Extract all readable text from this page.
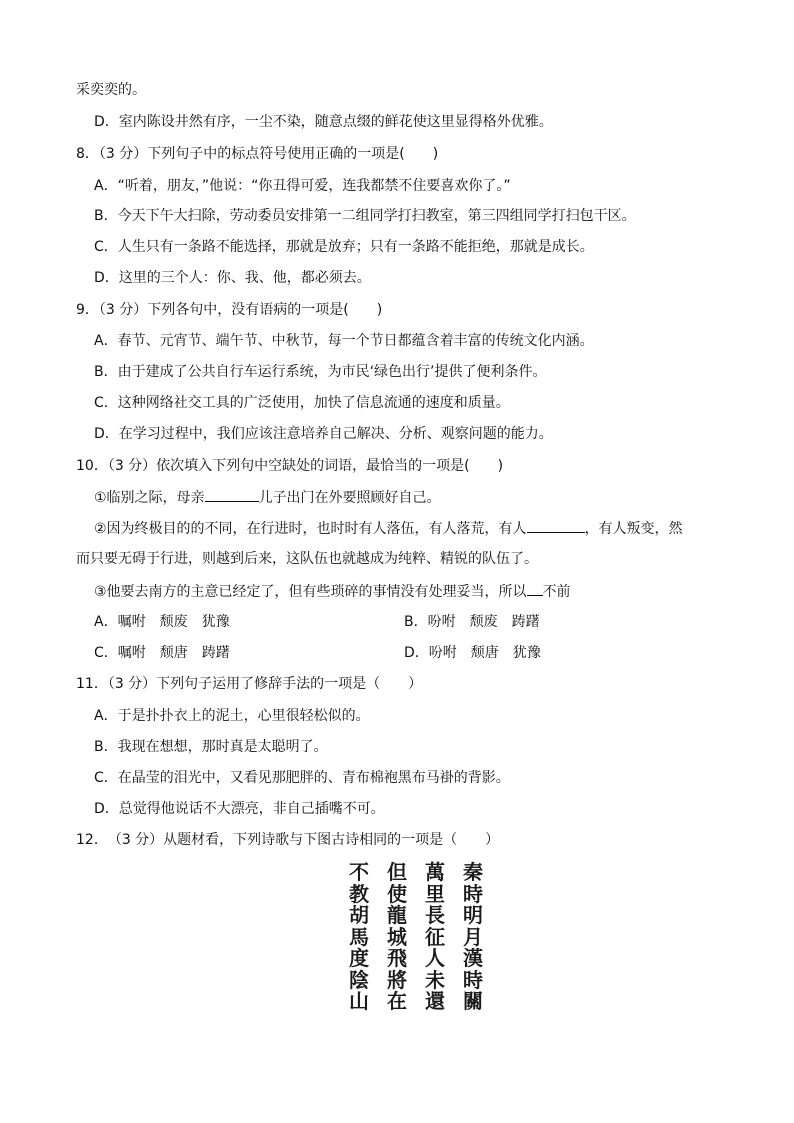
采奕奕的。
D．室内陈设井然有序，一尘不染，随意点缀的鲜花使这里显得格外优雅。
8．（3 分）下列句子中的标点符号使用正确的一项是(　　)
A．“听着，朋友，”他说：“你丑得可爱，连我都禁不住要喜欢你了。”
B．今天下午大扫除，劳动委员安排第一二组同学打扫教室，第三四组同学打扫包干区。
C．人生只有一条路不能选择，那就是放弃；只有一条路不能拒绝，那就是成长。
D．这里的三个人：你、我、他，都必须去。
9．（3 分）下列各句中，没有语病的一项是(　　)
A．春节、元宵节、端午节、中秋节，每一个节日都蕴含着丰富的传统文化内涵。
B．由于建成了公共自行车运行系统，为市民‘绿色出行’提供了便利条件。
C．这种网络社交工具的广泛使用，加快了信息流通的速度和质量。
D．在学习过程中，我们应该注意培养自己解决、分析、观察问题的能力。
10．（3 分）依次填入下列句中空缺处的词语，最恰当的一项是(　　)
①临别之际，母亲	儿子出门在外要照顾好自己。
②因为终极目的的不同，在行进时，也时时有人落伍，有人落荒，有人	，有人叛变，然
而只要无碍于行进，则越到后来，这队伍也就越成为纯粹、精锐的队伍了。
③他要去南方的主意已经定了，但有些琐碎的事情没有处理妥当，所以 不前
A．嘱咐　颓废　犹豫	B．吩咐　颓废　踌躇
C．嘱咐　颓唐　踌躇	D．吩咐　颓唐　犹豫
11．（3 分）下列句子运用了修辞手法的一项是（　　）
A．于是扑扑衣上的泥土，心里很轻松似的。
B．我现在想想，那时真是太聪明了。
C．在晶莹的泪光中，又看见那肥胖的、青布棉袍黑布马褂的背影。
D．总觉得他说话不大漂亮，非自己插嘴不可。
12．　（3 分）从题材看，下列诗歌与下图古诗相同的一项是（　　）
秦
時
明
月
漢
時
關
萬
里
長
征
人
未
還
但
使
龍
城
飛
將
在
不
教
胡
馬
度
陰
山
